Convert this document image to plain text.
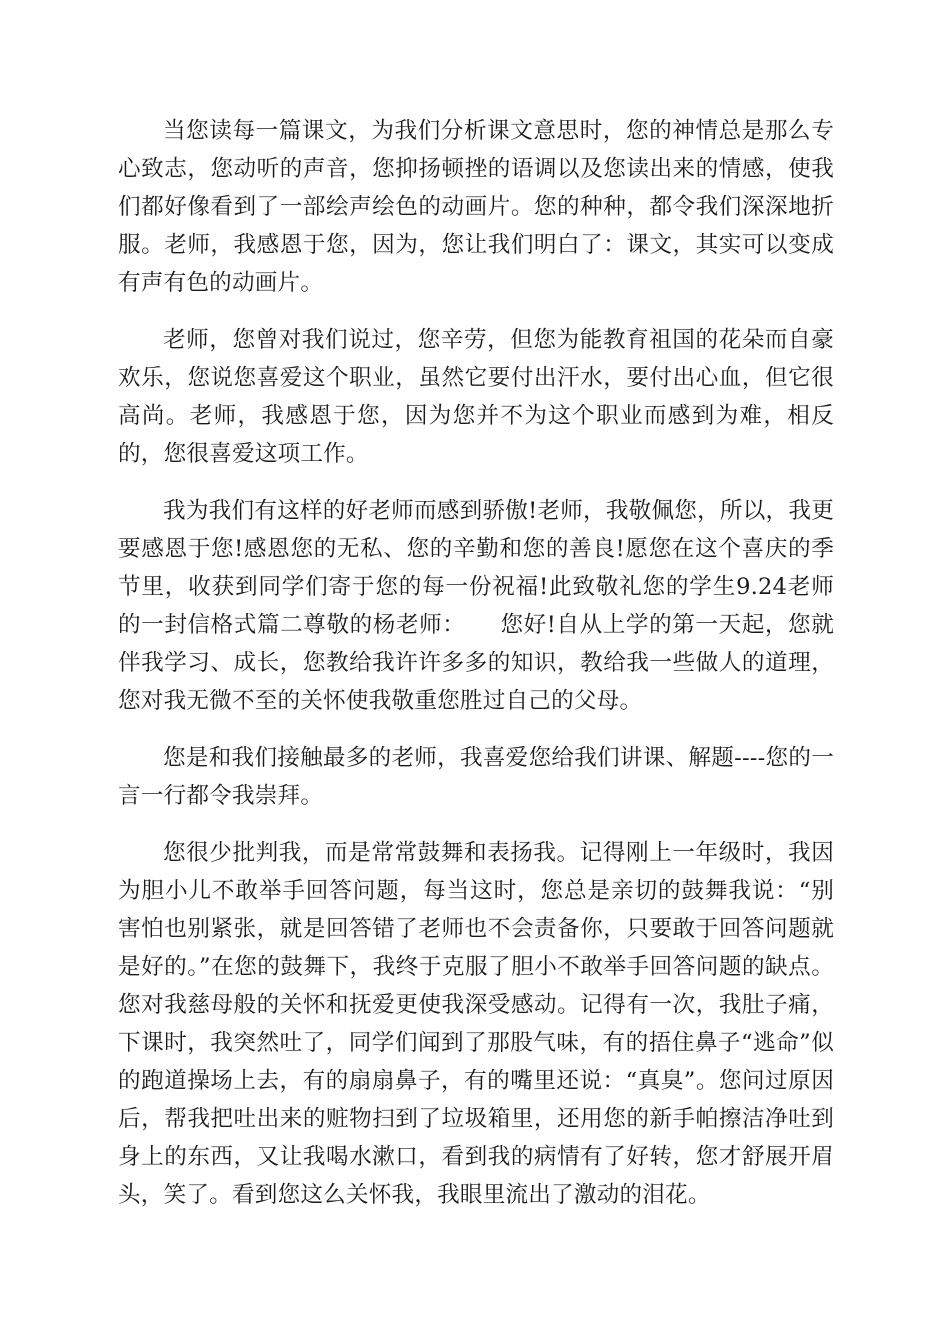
当您读每一篇课文，为我们分析课文意思时，您的神情总是那么专心致志，您动听的声音，您抑扬顿挫的语调以及您读出来的情感，使我们都好像看到了一部绘声绘色的动画片。您的种种，都令我们深深地折服。老师，我感恩于您，因为，您让我们明白了：课文，其实可以变成有声有色的动画片。

老师，您曾对我们说过，您辛劳，但您为能教育祖国的花朵而自豪欢乐，您说您喜爱这个职业，虽然它要付出汗水，要付出心血，但它很高尚。老师，我感恩于您，因为您并不为这个职业而感到为难，相反的，您很喜爱这项工作。

我为我们有这样的好老师而感到骄傲!老师，我敬佩您，所以，我更要感恩于您!感恩您的无私、您的辛勤和您的善良!愿您在这个喜庆的季节里，收获到同学们寄于您的每一份祝福!此致敬礼您的学生9.24老师的一封信格式篇二尊敬的杨老师：　　您好!自从上学的第一天起，您就伴我学习、成长，您教给我许许多多的知识，教给我一些做人的道理，您对我无微不至的关怀使我敬重您胜过自己的父母。

您是和我们接触最多的老师，我喜爱您给我们讲课、解题----您的一言一行都令我崇拜。

您很少批判我，而是常常鼓舞和表扬我。记得刚上一年级时，我因为胆小儿不敢举手回答问题，每当这时，您总是亲切的鼓舞我说：“别害怕也别紧张，就是回答错了老师也不会责备你，只要敢于回答问题就是好的。”在您的鼓舞下，我终于克服了胆小不敢举手回答问题的缺点。您对我慈母般的关怀和抚爱更使我深受感动。记得有一次，我肚子痛，下课时，我突然吐了，同学们闻到了那股气味，有的捂住鼻子“逃命”似的跑道操场上去，有的扇扇鼻子，有的嘴里还说：“真臭”。您问过原因后，帮我把吐出来的赃物扫到了垃圾箱里，还用您的新手帕擦洁净吐到身上的东西，又让我喝水漱口，看到我的病情有了好转，您才舒展开眉头，笑了。看到您这么关怀我，我眼里流出了激动的泪花。
